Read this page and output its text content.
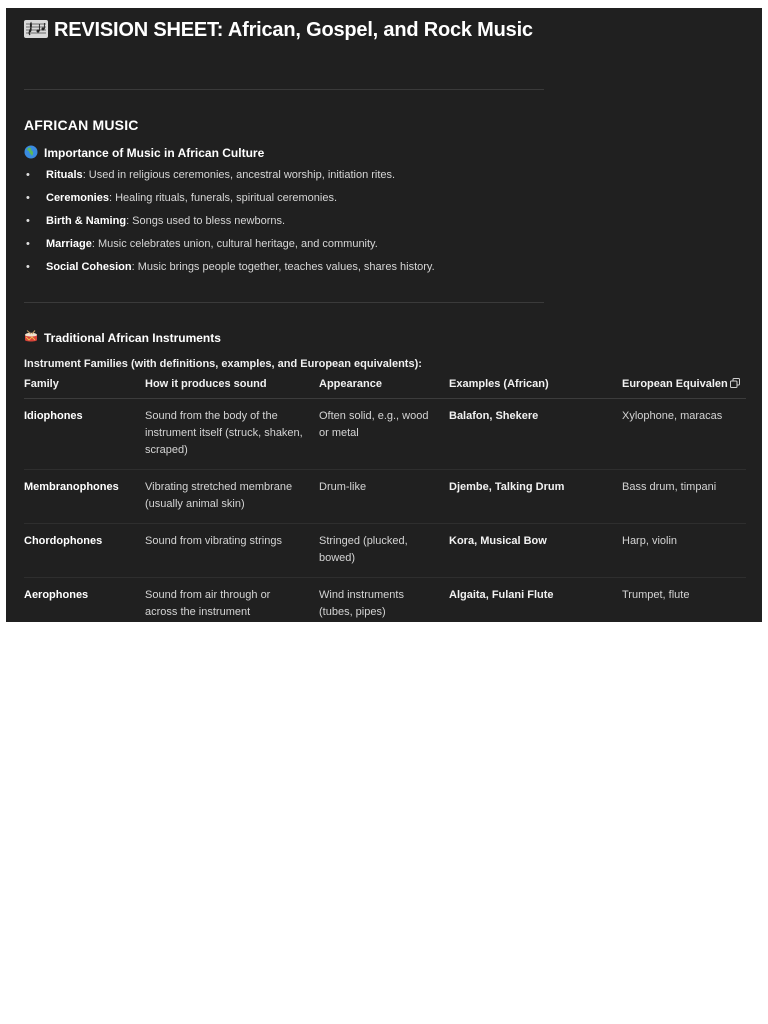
REVISION SHEET: African, Gospel, and Rock Music
AFRICAN MUSIC
Importance of Music in African Culture
• Rituals: Used in religious ceremonies, ancestral worship, initiation rites.
• Ceremonies: Healing rituals, funerals, spiritual ceremonies.
• Birth & Naming: Songs used to bless newborns.
• Marriage: Music celebrates union, cultural heritage, and community.
• Social Cohesion: Music brings people together, teaches values, shares history.
Traditional African Instruments
Instrument Families (with definitions, examples, and European equivalents):
Family	How it produces sound	Appearance	Examples (African)	European Equivalen
Idiophones	Sound from the body of the instrument itself (struck, shaken, scraped)	Often solid, e.g., wood or metal	Balafon, Shekere	Xylophone, maracas
Membranophones	Vibrating stretched membrane (usually animal skin)	Drum-like	Djembe, Talking Drum	Bass drum, timpani
Chordophones	Sound from vibrating strings	Stringed (plucked, bowed)	Kora, Musical Bow	Harp, violin
Aerophones	Sound from air through or across the instrument	Wind instruments (tubes, pipes)	Algaita, Fulani Flute	Trumpet, flute
